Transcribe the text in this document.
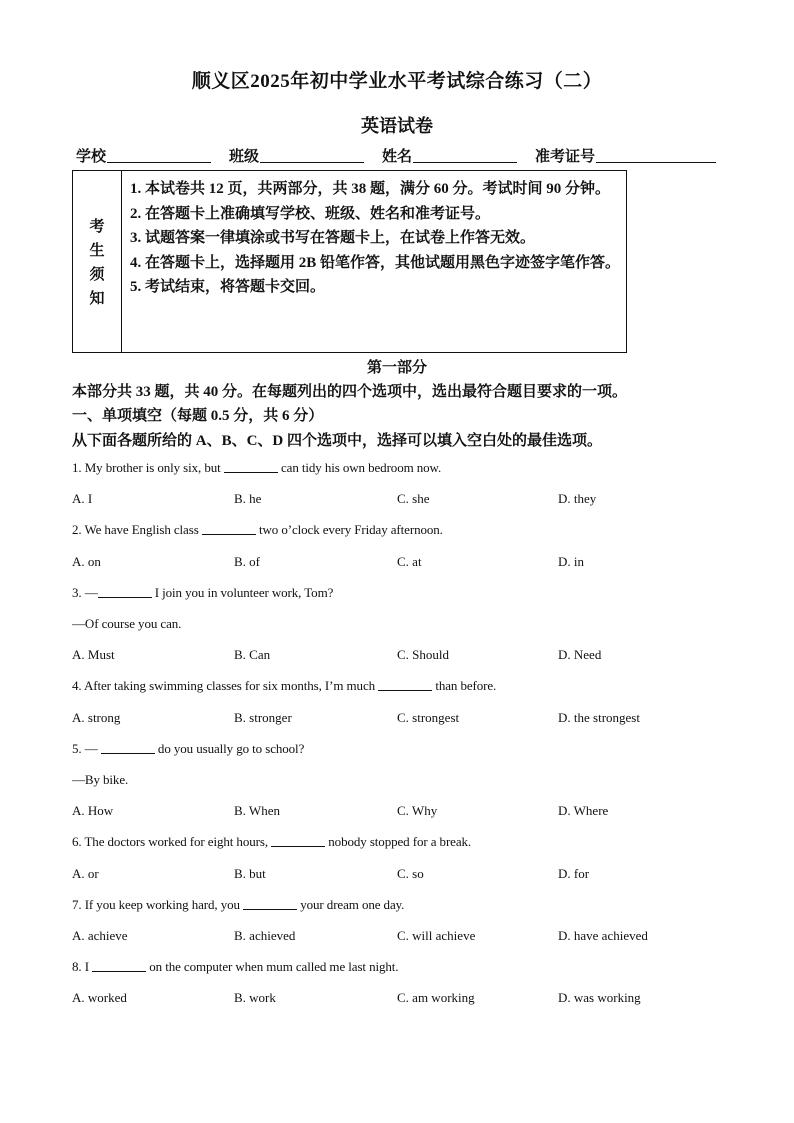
顺义区2025年初中学业水平考试综合练习（二）
英语试卷
学校	班级	姓名	准考证号
考
生
须
知

1. 本试卷共 12 页，共两部分，共 38 题，满分 60 分。考试时间 90 分钟。

2. 在答题卡上准确填写学校、班级、姓名和准考证号。

3. 试题答案一律填涂或书写在答题卡上，在试卷上作答无效。

4. 在答题卡上，选择题用 2B 铅笔作答，其他试题用黑色字迹签字笔作答。

5. 考试结束，将答题卡交回。

第一部分
本部分共 33 题，共 40 分。在每题列出的四个选项中，选出最符合题目要求的一项。
一、单项填空（每题 0.5 分，共 6 分）
从下面各题所给的 A、B、C、D 四个选项中，选择可以填入空白处的最佳选项。
1. My brother is only six, but	can tidy his own bedroom now.
A. I	B. he	C. she	D. they
2. We have English class	two o’clock every Friday afternoon.
A. on	B. of	C. at	D. in
3. —	I join you in volunteer work, Tom?
—Of course you can.
A. Must	B. Can	C. Should	D. Need
4. After taking swimming classes for six months, I’m much	than before.
A. strong	B. stronger	C. strongest	D. the strongest
5. —	do you usually go to school?
—By bike.
A. How	B. When	C. Why	D. Where
6. The doctors worked for eight hours,	nobody stopped for a break.
A. or	B. but	C. so	D. for
7. If you keep working hard, you	your dream one day.
A. achieve	B. achieved	C. will achieve	D. have achieved
8. I	on the computer when mum called me last night.
A. worked	B. work	C. am working	D. was working
